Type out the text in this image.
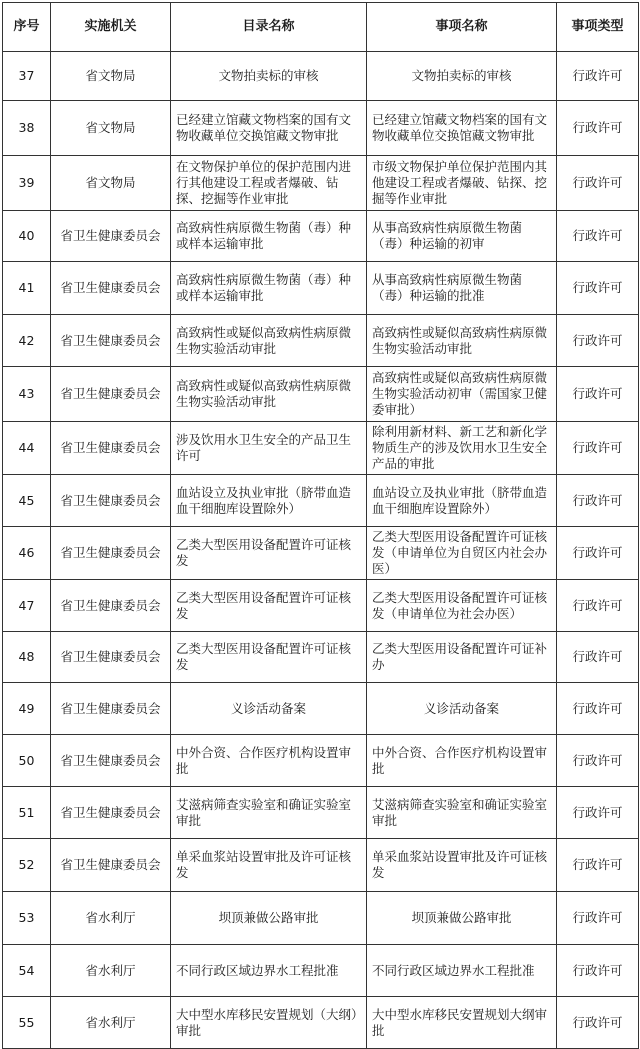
序号	实施机关	目录名称	事项名称	事项类型
37	省文物局	文物拍卖标的审核	文物拍卖标的审核	行政许可
38	省文物局	已经建立馆藏文物档案的国有文物收藏单位交换馆藏文物审批	已经建立馆藏文物档案的国有文物收藏单位交换馆藏文物审批	行政许可
39	省文物局	在文物保护单位的保护范围内进行其他建设工程或者爆破、钻探、挖掘等作业审批	市级文物保护单位保护范围内其他建设工程或者爆破、钻探、挖掘等作业审批	行政许可
40	省卫生健康委员会	高致病性病原微生物菌（毒）种或样本运输审批	从事高致病性病原微生物菌（毒）种运输的初审	行政许可
41	省卫生健康委员会	高致病性病原微生物菌（毒）种或样本运输审批	从事高致病性病原微生物菌（毒）种运输的批准	行政许可
42	省卫生健康委员会	高致病性或疑似高致病性病原微生物实验活动审批	高致病性或疑似高致病性病原微生物实验活动审批	行政许可
43	省卫生健康委员会	高致病性或疑似高致病性病原微生物实验活动审批	高致病性或疑似高致病性病原微生物实验活动初审（需国家卫健委审批）	行政许可
44	省卫生健康委员会	涉及饮用水卫生安全的产品卫生许可	除利用新材料、新工艺和新化学物质生产的涉及饮用水卫生安全产品的审批	行政许可
45	省卫生健康委员会	血站设立及执业审批（脐带血造血干细胞库设置除外）	血站设立及执业审批（脐带血造血干细胞库设置除外）	行政许可
46	省卫生健康委员会	乙类大型医用设备配置许可证核发	乙类大型医用设备配置许可证核发（申请单位为自贸区内社会办医）	行政许可
47	省卫生健康委员会	乙类大型医用设备配置许可证核发	乙类大型医用设备配置许可证核发（申请单位为社会办医）	行政许可
48	省卫生健康委员会	乙类大型医用设备配置许可证核发	乙类大型医用设备配置许可证补办	行政许可
49	省卫生健康委员会	义诊活动备案	义诊活动备案	行政许可
50	省卫生健康委员会	中外合资、合作医疗机构设置审批	中外合资、合作医疗机构设置审批	行政许可
51	省卫生健康委员会	艾滋病筛查实验室和确证实验室审批	艾滋病筛查实验室和确证实验室审批	行政许可
52	省卫生健康委员会	单采血浆站设置审批及许可证核发	单采血浆站设置审批及许可证核发	行政许可
53	省水利厅	坝顶兼做公路审批	坝顶兼做公路审批	行政许可
54	省水利厅	不同行政区域边界水工程批准	不同行政区域边界水工程批准	行政许可
55	省水利厅	大中型水库移民安置规划（大纲）审批	大中型水库移民安置规划大纲审批	行政许可
